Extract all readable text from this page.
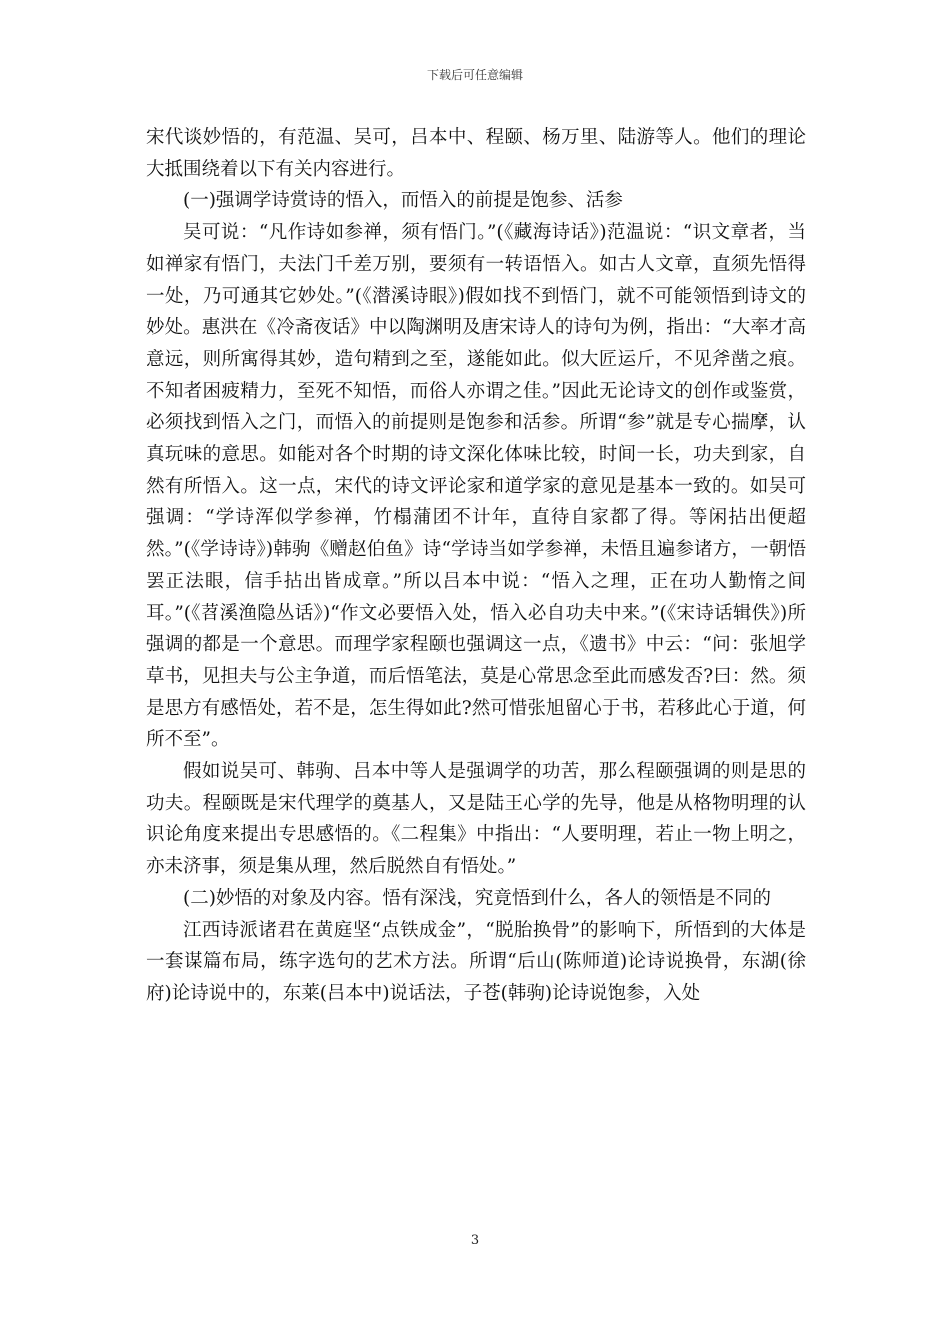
下载后可任意编辑

宋代谈妙悟的，有范温、吴可，吕本中、程颐、杨万里、陆游等人。他们的理论大抵围绕着以下有关内容进行。

(一)强调学诗赏诗的悟入，而悟入的前提是饱参、活参

吴可说：“凡作诗如参禅，须有悟门。”(《藏海诗话》)范温说：“识文章者，当如禅家有悟门，夫法门千差万别，要须有一转语悟入。如古人文章，直须先悟得一处，乃可通其它妙处。”(《潜溪诗眼》)假如找不到悟门，就不可能领悟到诗文的妙处。惠洪在《冷斋夜话》中以陶渊明及唐宋诗人的诗句为例，指出：“大率才高意远，则所寓得其妙，造句精到之至，遂能如此。似大匠运斤，不见斧凿之痕。不知者困疲精力，至死不知悟，而俗人亦谓之佳。”因此无论诗文的创作或鉴赏，必须找到悟入之门，而悟入的前提则是饱参和活参。所谓“参”就是专心揣摩，认真玩味的意思。如能对各个时期的诗文深化体味比较，时间一长，功夫到家，自然有所悟入。这一点，宋代的诗文评论家和道学家的意见是基本一致的。如吴可强调：“学诗浑似学参禅，竹榻蒲团不计年，直待自家都了得。等闲拈出便超然。”(《学诗诗》)韩驹《赠赵伯鱼》诗“学诗当如学参禅，未悟且遍参诸方，一朝悟罢正法眼，信手拈出皆成章。”所以吕本中说：“悟入之理，正在功人勤惰之间耳。”(《苕溪渔隐丛话》)“作文必要悟入处，悟入必自功夫中来。”(《宋诗话辑佚》)所强调的都是一个意思。而理学家程颐也强调这一点，《遗书》中云：“问：张旭学草书，见担夫与公主争道，而后悟笔法，莫是心常思念至此而感发否?曰：然。须是思方有感悟处，若不是，怎生得如此?然可惜张旭留心于书，若移此心于道，何所不至”。

假如说吴可、韩驹、吕本中等人是强调学的功苦，那么程颐强调的则是思的功夫。程颐既是宋代理学的奠基人，又是陆王心学的先导，他是从格物明理的认识论角度来提出专思感悟的。《二程集》中指出：“人要明理，若止一物上明之，亦未济事，须是集从理，然后脱然自有悟处。”

(二)妙悟的对象及内容。悟有深浅，究竟悟到什么，各人的领悟是不同的

江西诗派诸君在黄庭坚“点铁成金”，“脱胎换骨”的影响下，所悟到的大体是一套谋篇布局，练字选句的艺术方法。所谓“后山(陈师道)论诗说换骨，东湖(徐府)论诗说中的，东莱(吕本中)说话法，子苍(韩驹)论诗说饱参，入处

3
